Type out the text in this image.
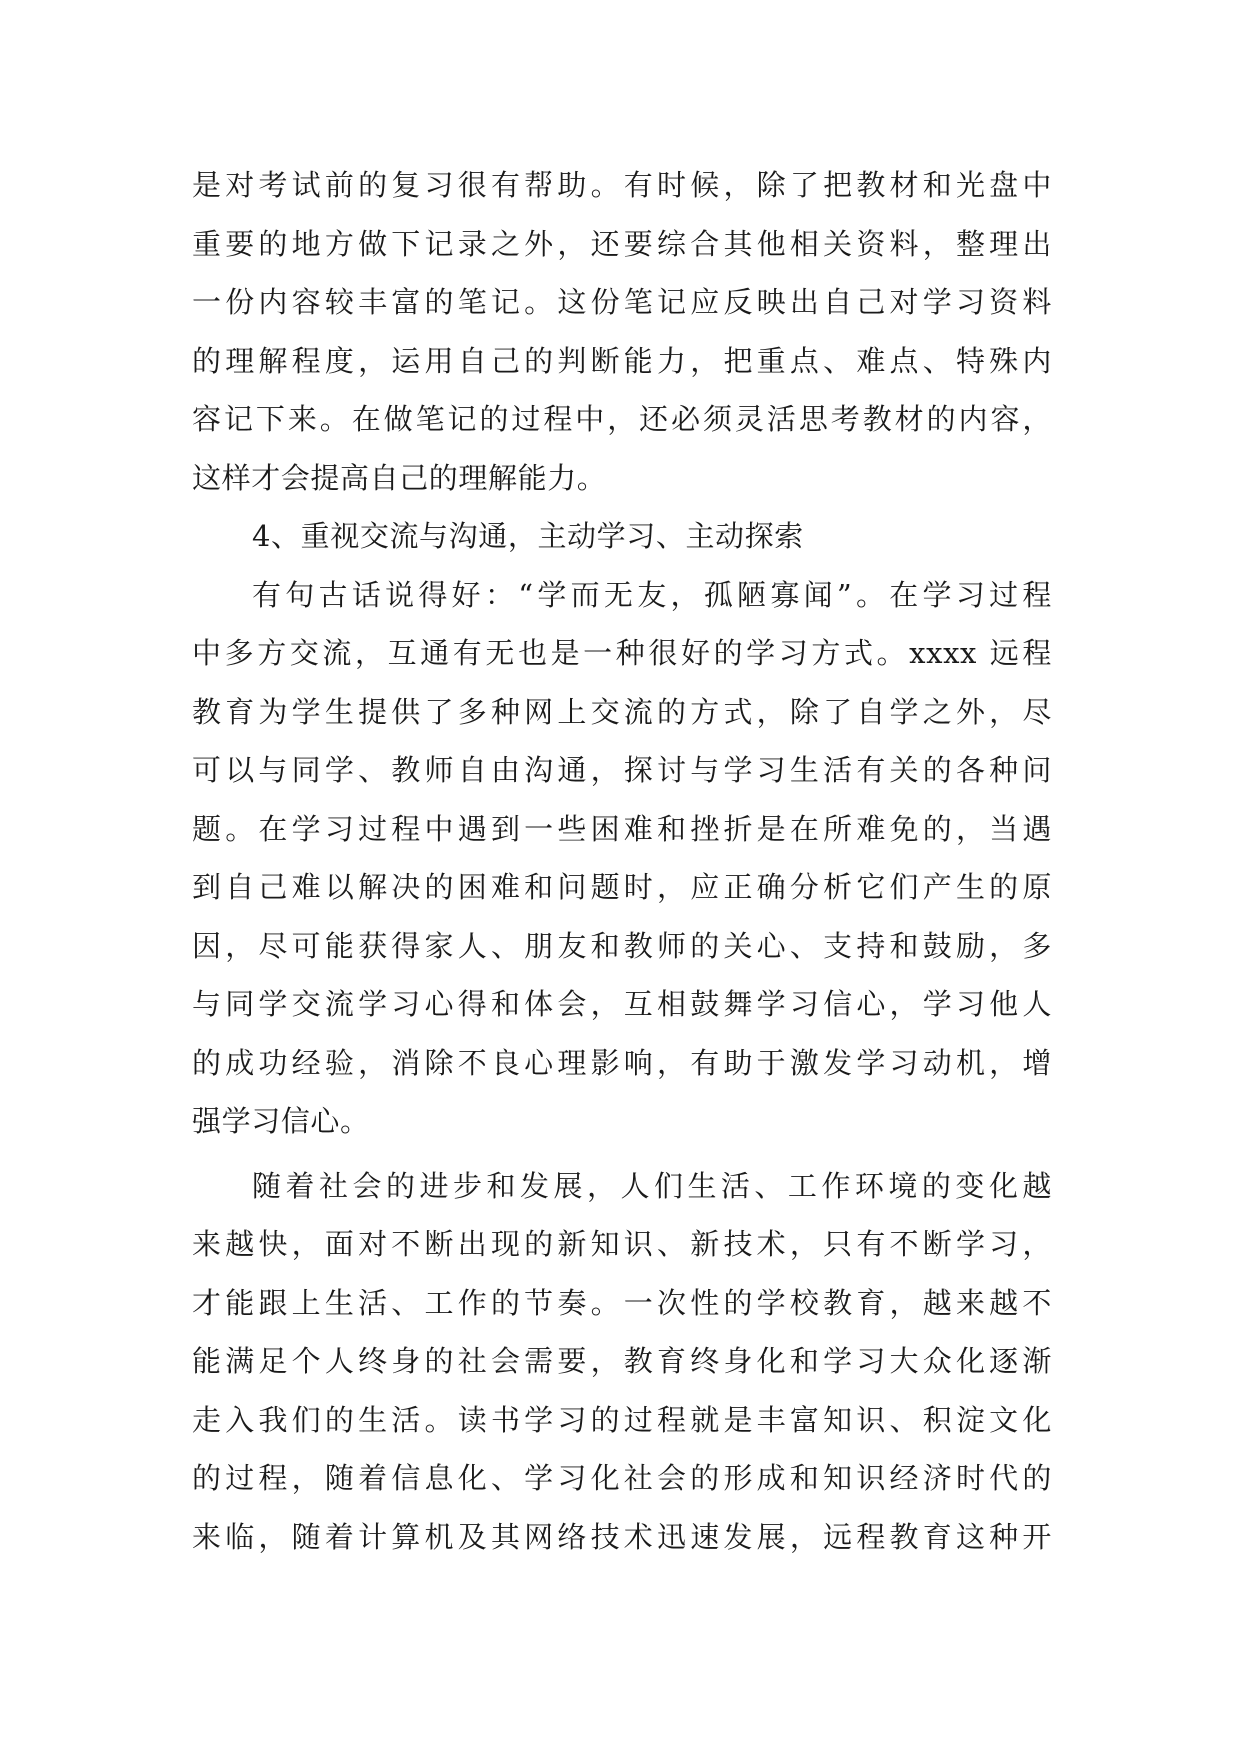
是对考试前的复习很有帮助。有时候，除了把教材和光盘中
重要的地方做下记录之外，还要综合其他相关资料，整理出
一份内容较丰富的笔记。这份笔记应反映出自己对学习资料
的理解程度，运用自己的判断能力，把重点、难点、特殊内
容记下来。在做笔记的过程中，还必须灵活思考教材的内容，
这样才会提高自己的理解能力。
4、重视交流与沟通，主动学习、主动探索
有句古话说得好：“学而无友，孤陋寡闻”。在学习过程
中多方交流，互通有无也是一种很好的学习方式。xxxx 远程
教育为学生提供了多种网上交流的方式，除了自学之外，尽
可以与同学、教师自由沟通，探讨与学习生活有关的各种问
题。在学习过程中遇到一些困难和挫折是在所难免的，当遇
到自己难以解决的困难和问题时，应正确分析它们产生的原
因，尽可能获得家人、朋友和教师的关心、支持和鼓励，多
与同学交流学习心得和体会，互相鼓舞学习信心，学习他人
的成功经验，消除不良心理影响，有助于激发学习动机，增
强学习信心。
随着社会的进步和发展，人们生活、工作环境的变化越
来越快，面对不断出现的新知识、新技术，只有不断学习，
才能跟上生活、工作的节奏。一次性的学校教育，越来越不
能满足个人终身的社会需要，教育终身化和学习大众化逐渐
走入我们的生活。读书学习的过程就是丰富知识、积淀文化
的过程，随着信息化、学习化社会的形成和知识经济时代的
来临，随着计算机及其网络技术迅速发展，远程教育这种开
